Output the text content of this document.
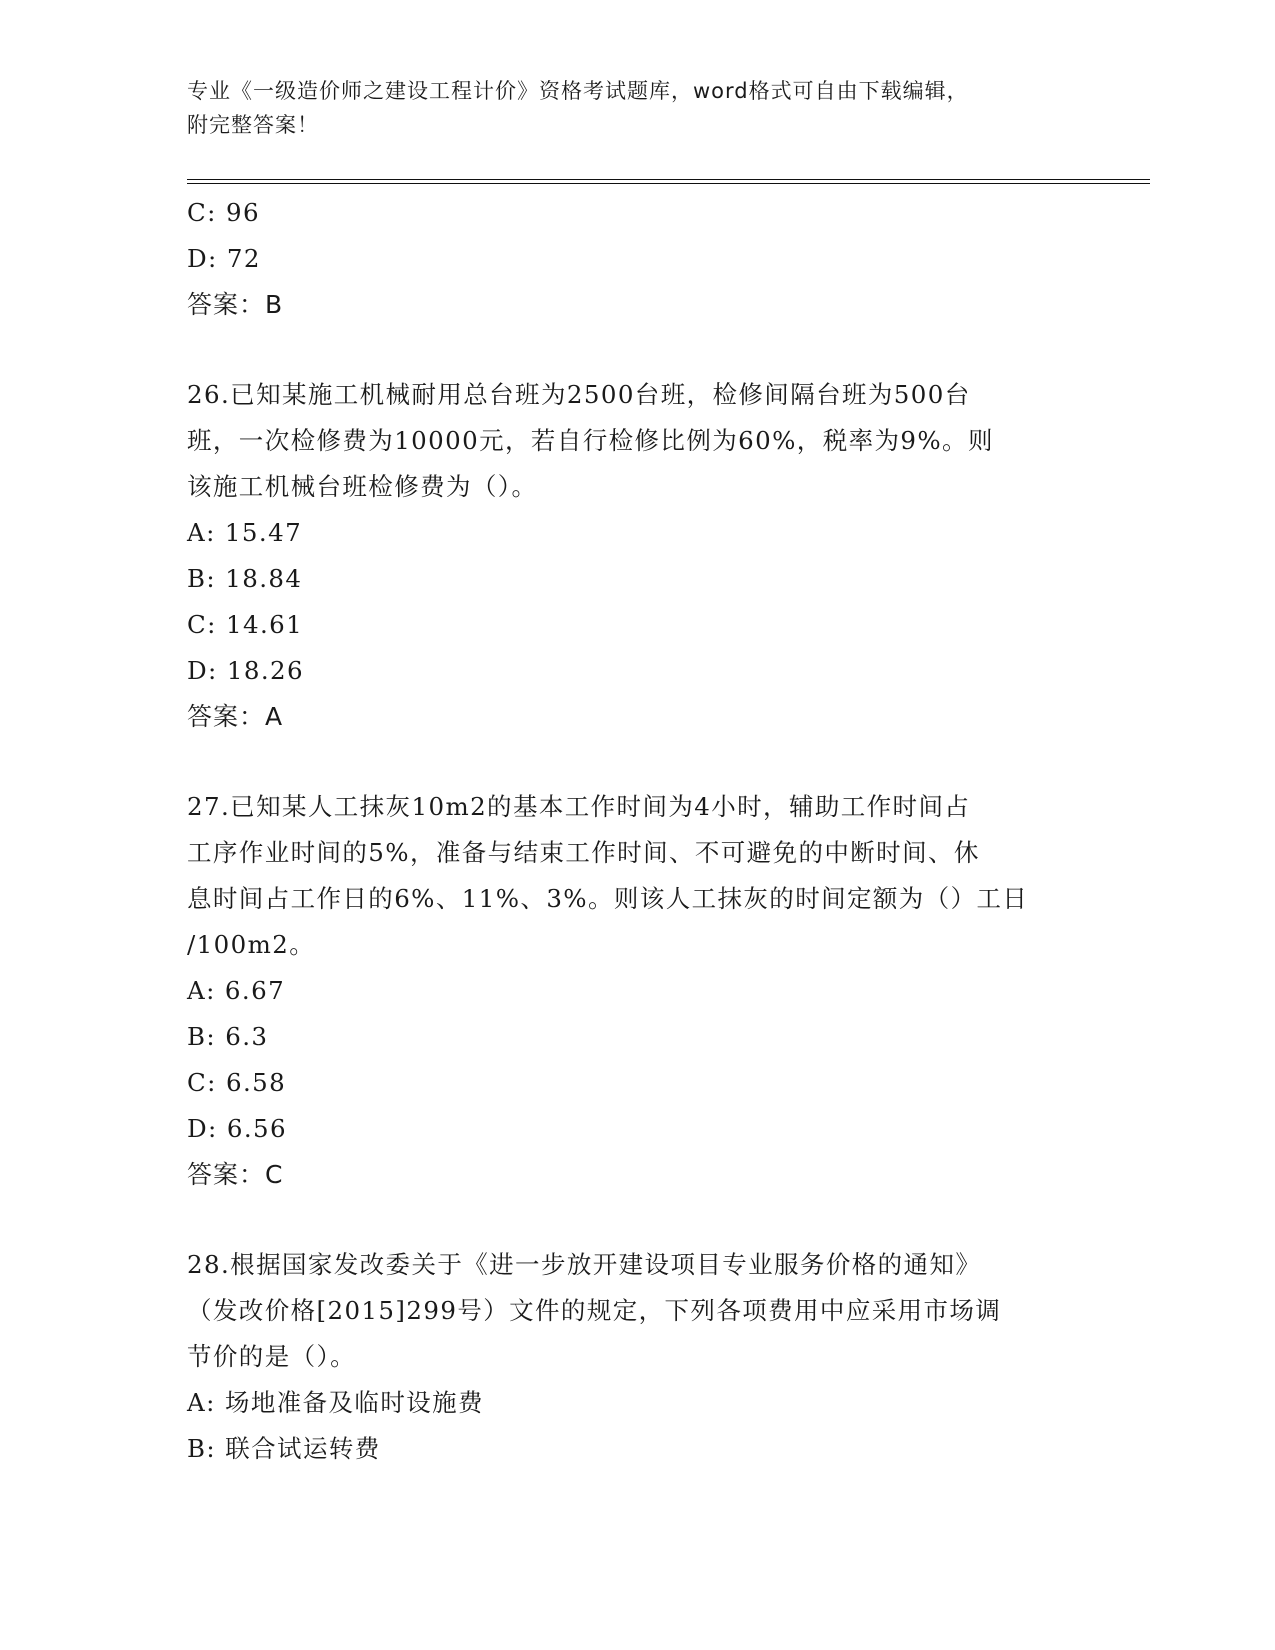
专业《一级造价师之建设工程计价》资格考试题库，word格式可自由下载编辑，
附完整答案！
C: 96
D: 72
答案：B
26.已知某施工机械耐用总台班为2500台班，检修间隔台班为500台
班，一次检修费为10000元，若自行检修比例为60%，税率为9%。则
该施工机械台班检修费为（）。
A: 15.47
B: 18.84
C: 14.61
D: 18.26
答案：A
27.已知某人工抹灰10m2的基本工作时间为4小时，辅助工作时间占
工序作业时间的5%，准备与结束工作时间、不可避免的中断时间、休
息时间占工作日的6%、11%、3%。则该人工抹灰的时间定额为（）工日
/100m2。
A: 6.67
B: 6.3
C: 6.58
D: 6.56
答案：C
28.根据国家发改委关于《进一步放开建设项目专业服务价格的通知》
（发改价格[2015]299号）文件的规定，下列各项费用中应采用市场调
节价的是（）。
A: 场地准备及临时设施费
B: 联合试运转费
